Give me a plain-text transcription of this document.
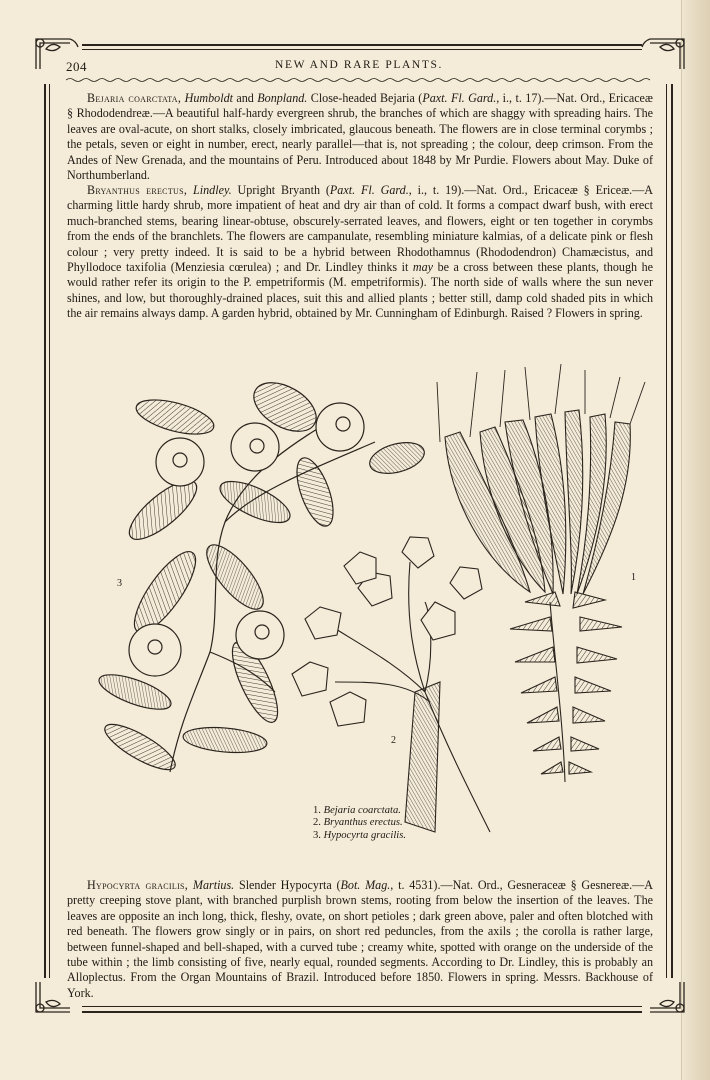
204	NEW AND RARE PLANTS.

Bejaria coarctata, Humboldt and Bonpland. Close-headed Bejaria (Paxt. Fl. Gard., i., t. 17).—Nat. Ord., Ericaceæ § Rhododendreæ.—A beautiful half-hardy evergreen shrub, the branches of which are shaggy with spreading hairs. The leaves are oval-acute, on short stalks, closely imbricated, glaucous beneath. The flowers are in close terminal corymbs ; the petals, seven or eight in number, erect, nearly parallel—that is, not spreading ; the colour, deep crimson. From the Andes of New Grenada, and the mountains of Peru. Introduced about 1848 by Mr Purdie. Flowers about May. Duke of Northumberland.

Bryanthus erectus, Lindley. Upright Bryanth (Paxt. Fl. Gard., i., t. 19).—Nat. Ord., Ericaceæ § Ericeæ.—A charming little hardy shrub, more impatient of heat and dry air than of cold. It forms a compact dwarf bush, with erect much-branched stems, bearing linear-obtuse, obscurely-serrated leaves, and flowers, eight or ten together in corymbs from the ends of the branchlets. The flowers are campanulate, resembling miniature kalmias, of a delicate pink or flesh colour ; very pretty indeed. It is said to be a hybrid between Rhodothamnus (Rhododendron) Chamæcistus, and Phyllodoce taxifolia (Menziesia cœrulea) ; and Dr. Lindley thinks it may be a cross between these plants, though he would rather refer its origin to the P. empetriformis (M. empetriformis). The north side of walls where the sun never shines, and low, but thoroughly-drained places, suit this and allied plants ; better still, damp cold shaded pits in which the air remains always damp. A garden hybrid, obtained by Mr. Cunningham of Edinburgh. Raised ? Flowers in spring.

3
1
2
1. Bejaria coarctata.
2. Bryanthus erectus.
3. Hypocyrta gracilis.

Hypocyrta gracilis, Martius. Slender Hypocyrta (Bot. Mag., t. 4531).—Nat. Ord., Gesneraceæ § Gesnereæ.—A pretty creeping stove plant, with branched purplish brown stems, rooting from below the insertion of the leaves. The leaves are opposite an inch long, thick, fleshy, ovate, on short petioles ; dark green above, paler and often blotched with red beneath. The flowers grow singly or in pairs, on short red peduncles, from the axils ; the corolla is rather large, between funnel-shaped and bell-shaped, with a curved tube ; creamy white, spotted with orange on the underside of the tube within ; the limb consisting of five, nearly equal, rounded segments. According to Dr. Lindley, this is probably an Alloplectus. From the Organ Mountains of Brazil. Introduced before 1850. Flowers in spring. Messrs. Backhouse of York.
